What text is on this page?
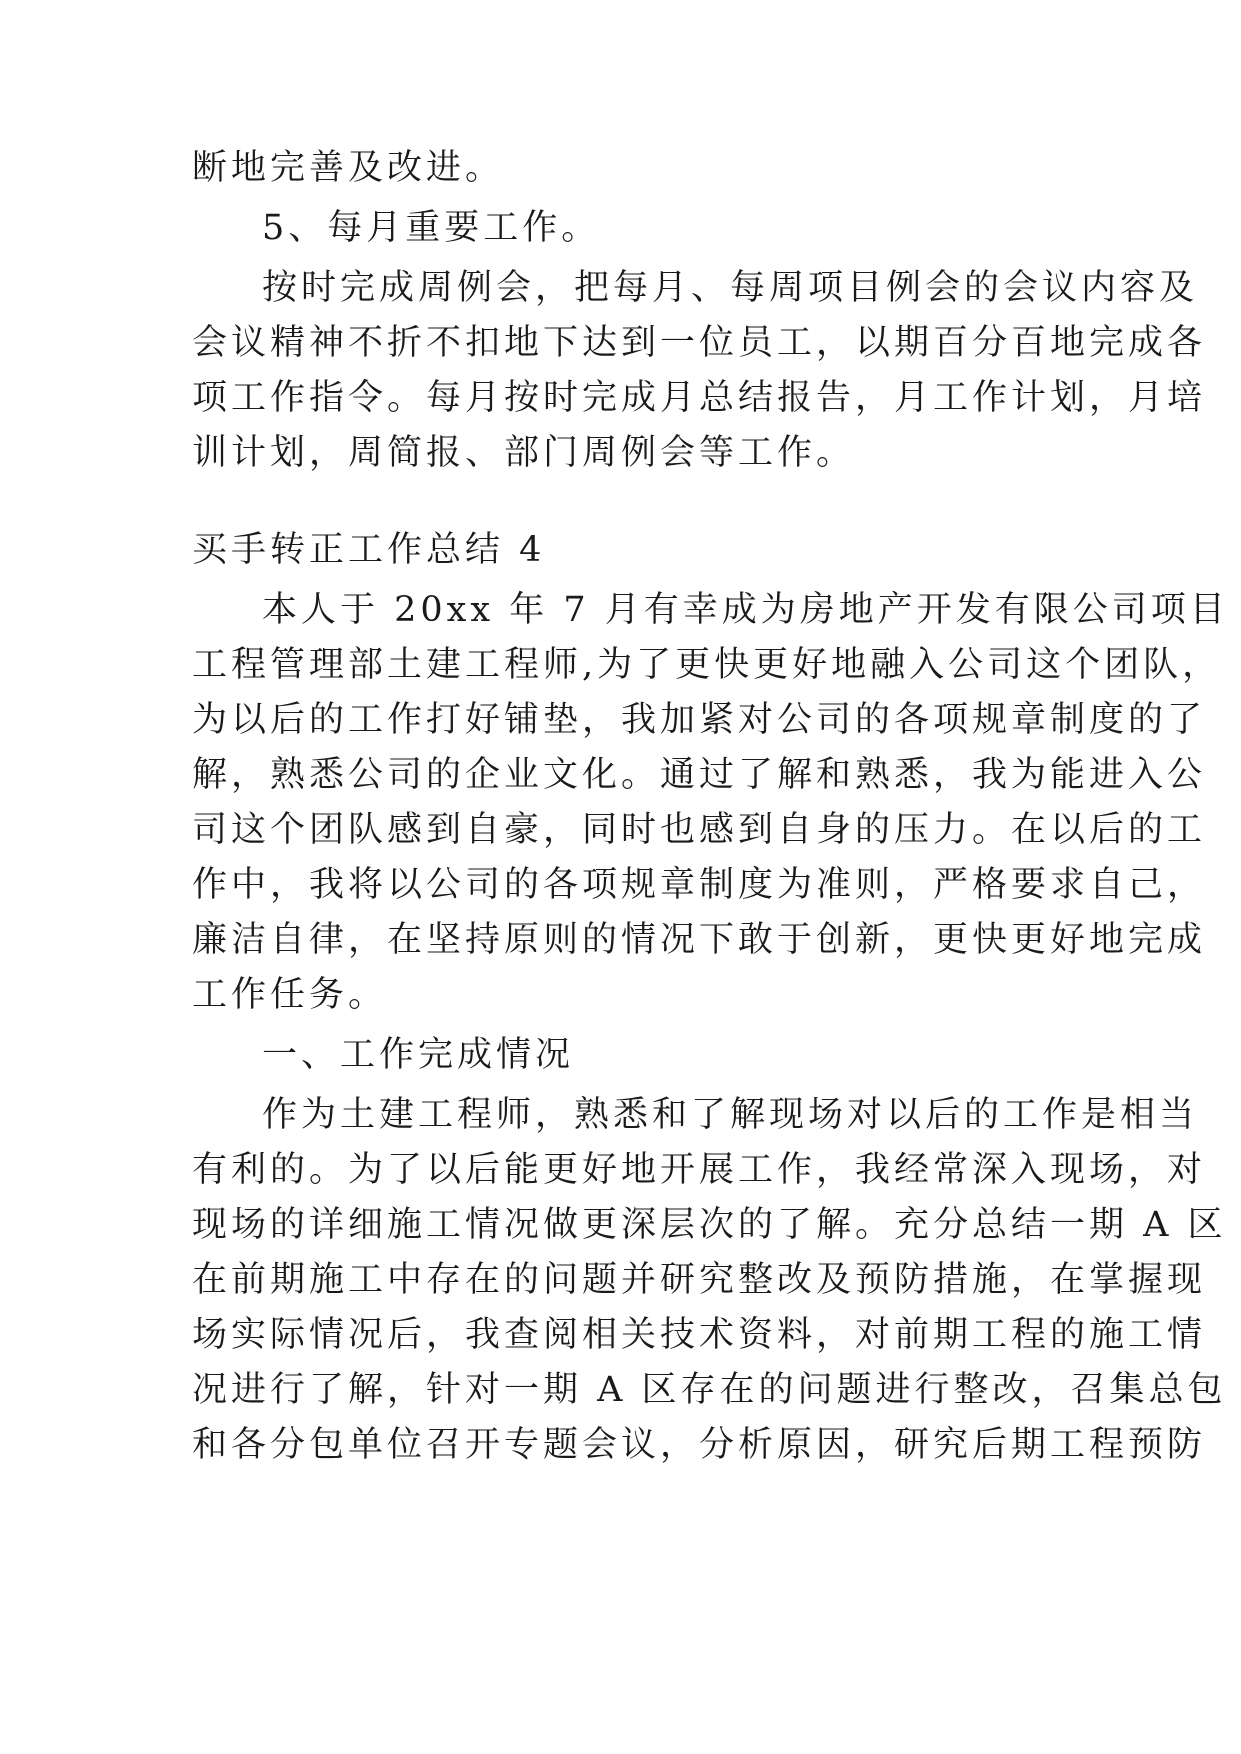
断地完善及改进。
5、每月重要工作。
按时完成周例会，把每月、每周项目例会的会议内容及
会议精神不折不扣地下达到一位员工，以期百分百地完成各
项工作指令。每月按时完成月总结报告，月工作计划，月培
训计划，周简报、部门周例会等工作。
买手转正工作总结 4
本人于 20xx 年 7 月有幸成为房地产开发有限公司项目
工程管理部土建工程师,为了更快更好地融入公司这个团队，
为以后的工作打好铺垫，我加紧对公司的各项规章制度的了
解，熟悉公司的企业文化。通过了解和熟悉，我为能进入公
司这个团队感到自豪，同时也感到自身的压力。在以后的工
作中，我将以公司的各项规章制度为准则，严格要求自己，
廉洁自律，在坚持原则的情况下敢于创新，更快更好地完成
工作任务。
一、工作完成情况
作为土建工程师，熟悉和了解现场对以后的工作是相当
有利的。为了以后能更好地开展工作，我经常深入现场，对
现场的详细施工情况做更深层次的了解。充分总结一期 A 区
在前期施工中存在的问题并研究整改及预防措施，在掌握现
场实际情况后，我查阅相关技术资料，对前期工程的施工情
况进行了解，针对一期 A 区存在的问题进行整改，召集总包
和各分包单位召开专题会议，分析原因，研究后期工程预防
